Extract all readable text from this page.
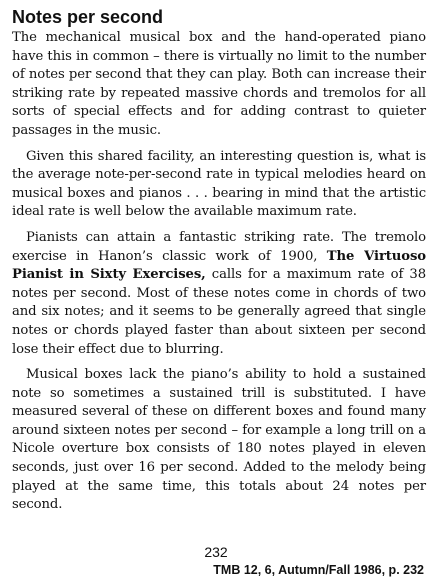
Notes per second

The mechanical musical box and the hand-operated piano have this in common – there is virtually no limit to the number of notes per second that they can play. Both can increase their striking rate by repeated massive chords and tremolos for all sorts of special effects and for adding contrast to quieter passages in the music.

Given this shared facility, an interesting question is, what is the average note-per-second rate in typical melodies heard on musical boxes and pianos . . . bearing in mind that the artistic ideal rate is well below the available maximum rate.

Pianists can attain a fantastic striking rate. The tremolo exercise in Hanon’s classic work of 1900, The Virtuoso Pianist in Sixty Exercises, calls for a maximum rate of 38 notes per second. Most of these notes come in chords of two and six notes; and it seems to be generally agreed that single notes or chords played faster than about sixteen per second lose their effect due to blurring.

Musical boxes lack the piano’s ability to hold a sustained note so sometimes a sustained trill is substituted. I have measured several of these on different boxes and found many around sixteen notes per second – for example a long trill on a Nicole overture box consists of 180 notes played in eleven seconds, just over 16 per second. Added to the melody being played at the same time, this totals about 24 notes per second.

232
TMB 12, 6, Autumn/Fall 1986, p. 232
